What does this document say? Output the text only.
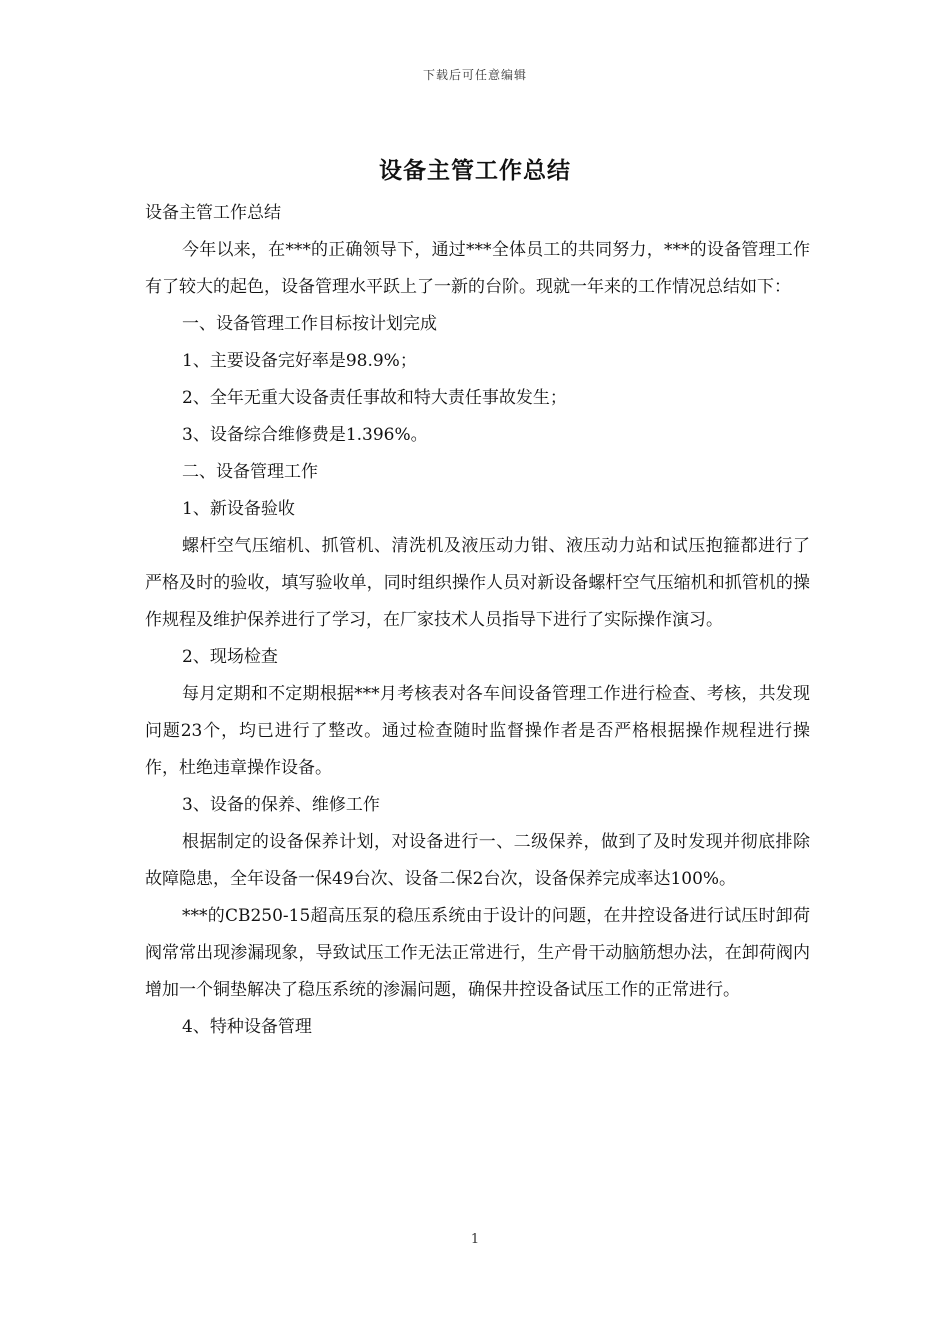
下载后可任意编辑
设备主管工作总结

设备主管工作总结

今年以来，在***的正确领导下，通过***全体员工的共同努力，***的设备管理工作有了较大的起色，设备管理水平跃上了一新的台阶。现就一年来的工作情况总结如下：

一、设备管理工作目标按计划完成

1、主要设备完好率是98.9%；

2、全年无重大设备责任事故和特大责任事故发生；

3、设备综合维修费是1.396%。

二、设备管理工作

1、新设备验收

螺杆空气压缩机、抓管机、清洗机及液压动力钳、液压动力站和试压抱箍都进行了严格及时的验收，填写验收单，同时组织操作人员对新设备螺杆空气压缩机和抓管机的操作规程及维护保养进行了学习，在厂家技术人员指导下进行了实际操作演习。

2、现场检查

每月定期和不定期根据***月考核表对各车间设备管理工作进行检查、考核，共发现问题23个，均已进行了整改。通过检查随时监督操作者是否严格根据操作规程进行操作，杜绝违章操作设备。

3、设备的保养、维修工作

根据制定的设备保养计划，对设备进行一、二级保养，做到了及时发现并彻底排除故障隐患，全年设备一保49台次、设备二保2台次，设备保养完成率达100%。

***的CB250-15超高压泵的稳压系统由于设计的问题，在井控设备进行试压时卸荷阀常常出现渗漏现象，导致试压工作无法正常进行，生产骨干动脑筋想办法，在卸荷阀内增加一个铜垫解决了稳压系统的渗漏问题，确保井控设备试压工作的正常进行。

4、特种设备管理

1
